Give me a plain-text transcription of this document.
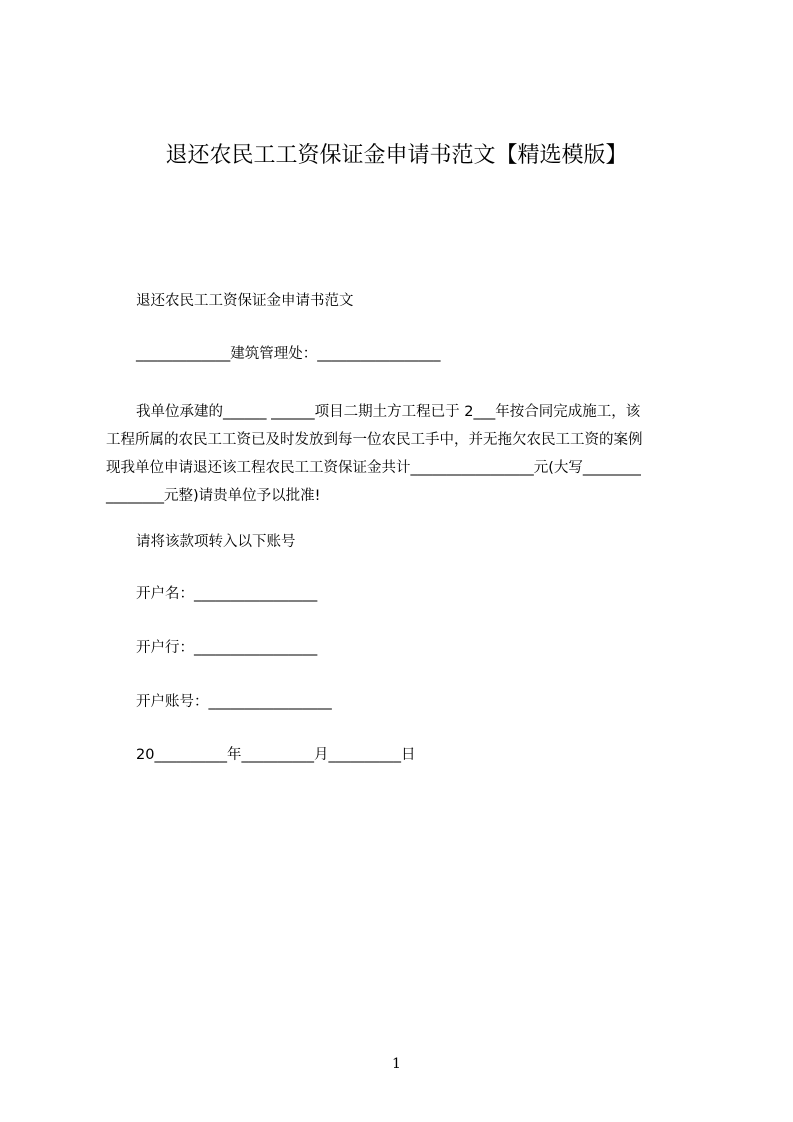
退还农民工工资保证金申请书范文【精选模版】

退还农民工工资保证金申请书范文

_____________建筑管理处：_________________

我单位承建的______ ______项目二期土方工程已于 2___年按合同完成施工，该
工程所属的农民工工资已及时发放到每一位农民工手中，并无拖欠农民工工资的案例
现我单位申请退还该工程农民工工资保证金共计_________________元(大写________
________元整)请贵单位予以批准!

请将该款项转入以下账号

开户名：_________________

开户行：_________________

开户账号：_________________

20__________年__________月__________日

1
